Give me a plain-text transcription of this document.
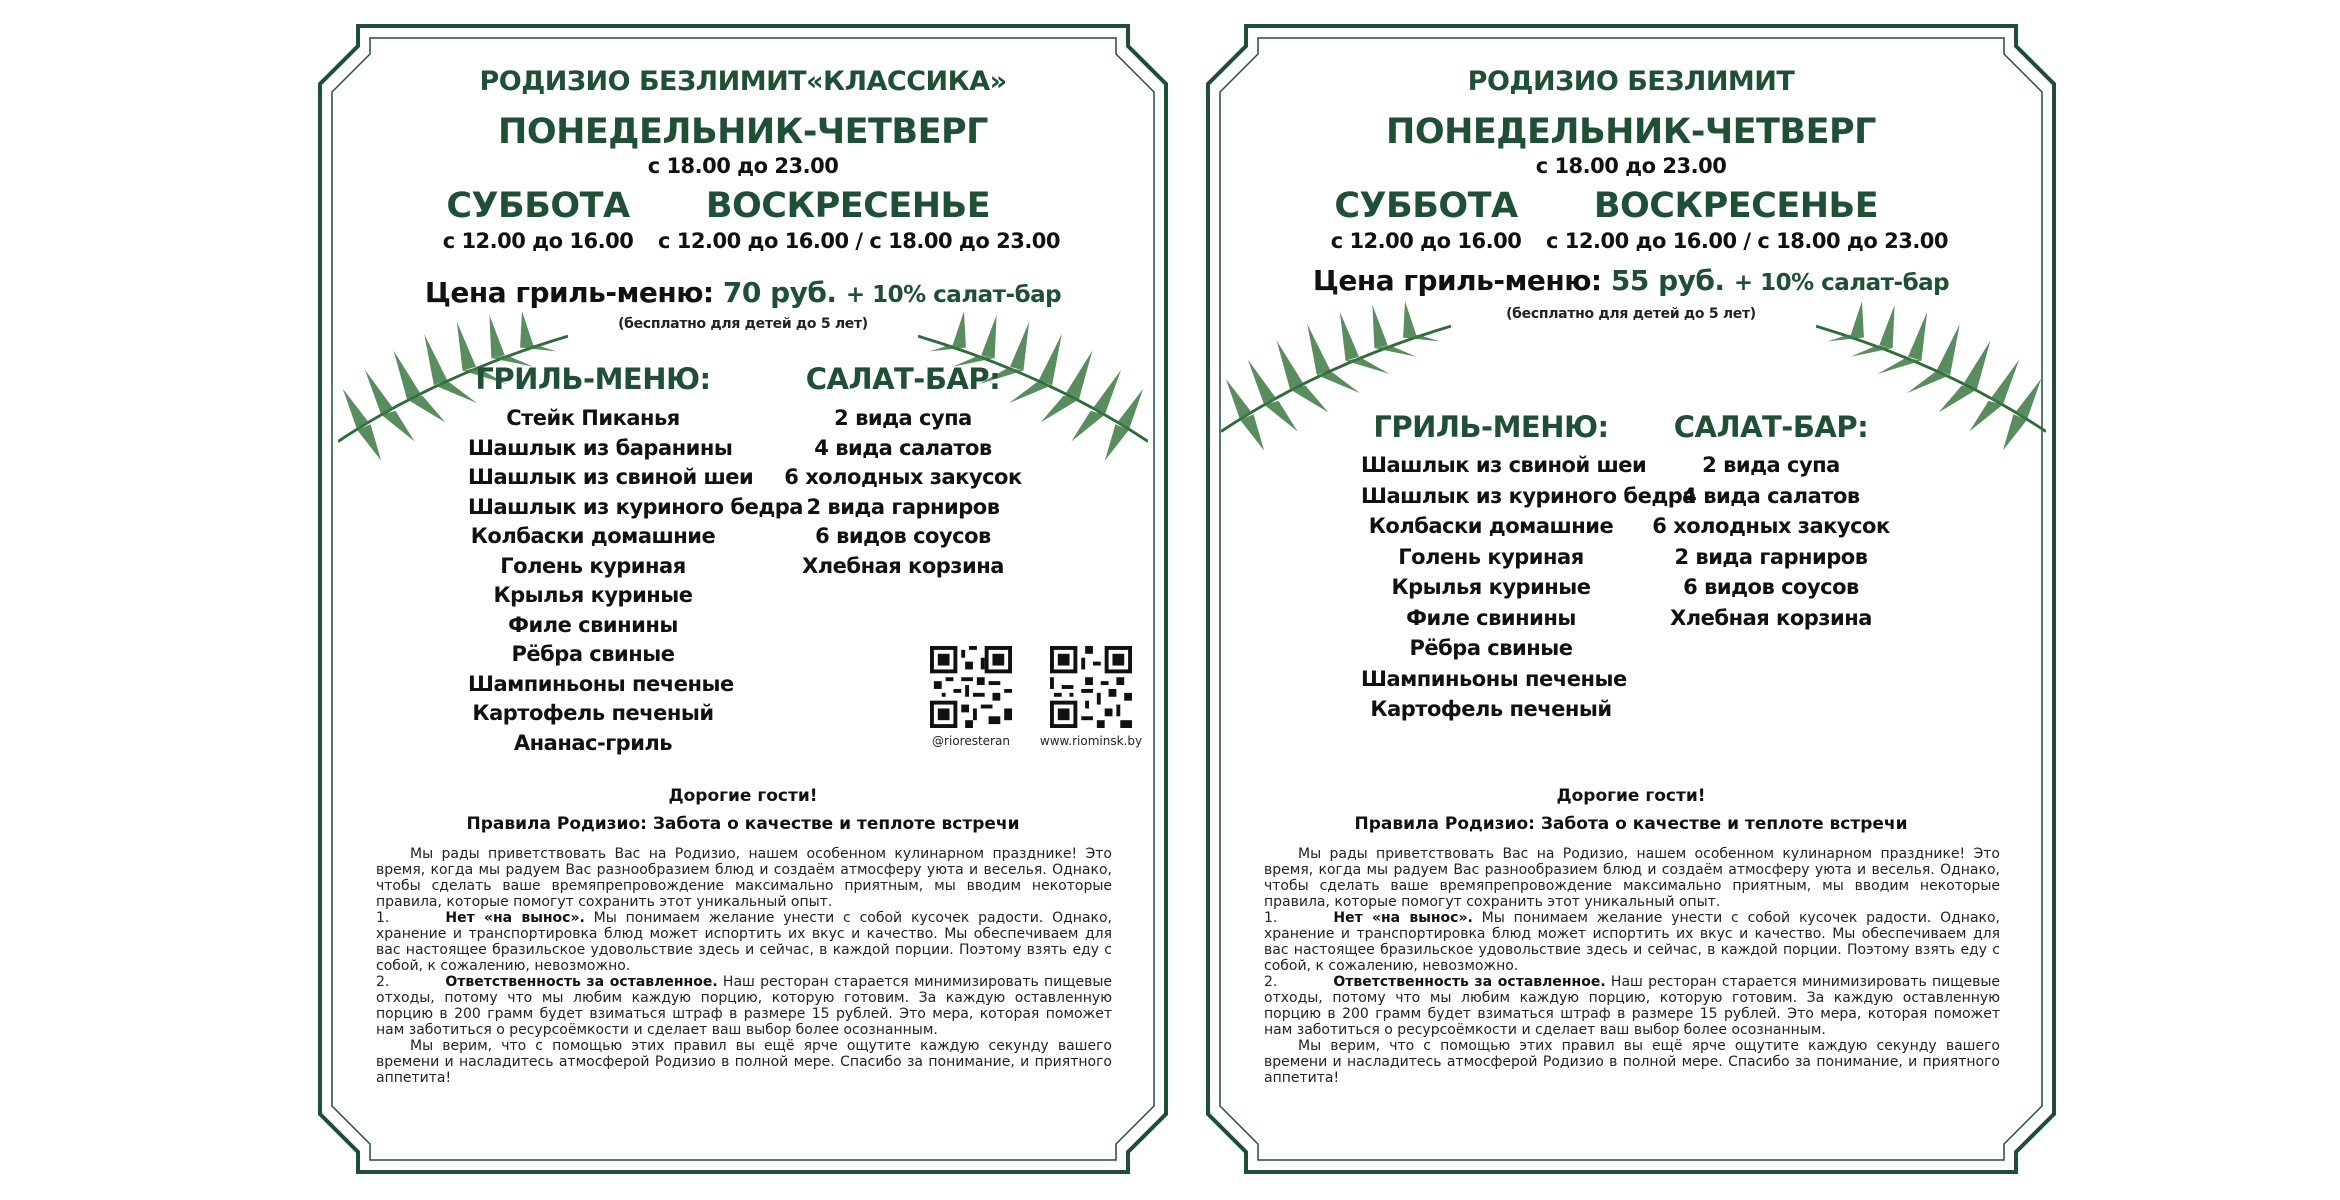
РОДИЗИО БЕЗЛИМИТ«КЛАССИКА»
ПОНЕДЕЛЬНИК-ЧЕТВЕРГ
с 18.00 до 23.00
СУББОТА
с 12.00 до 16.00
ВОСКРЕСЕНЬЕ
с 12.00 до 16.00 / с 18.00 до 23.00
Цена гриль-меню: 70 руб. + 10% салат-бар
(бесплатно для детей до 5 лет)
ГРИЛЬ-МЕНЮ:	САЛАТ-БАР:
Стейк Пиканья
Шашлык из баранины
Шашлык из свиной шеи
Шашлык из куриного бедра
Колбаски домашние
Голень куриная
Крылья куриные
Филе свинины
Рёбра свиные
Шампиньоны печеные
Картофель печеный
Ананас-гриль
2 вида супа
4 вида салатов
6 холодных закусок
2 вида гарниров
6 видов соусов
Хлебная корзина
@rioresteran	www.riominsk.by
Дорогие гости!
Правила Родизио: Забота о качестве и теплоте встречи

Мы рады приветствовать Вас на Родизио, нашем особенном кулинарном празднике! Это время, когда мы радуем Вас разнообразием блюд и создаём атмосферу уюта и веселья. Однако, чтобы сделать ваше времяпрепровождение максимально приятным, мы вводим некоторые правила, которые помогут сохранить этот уникальный опыт.

1.	Нет «на вынос». Мы понимаем желание унести с собой кусочек радости. Однако, хранение и транспортировка блюд может испортить их вкус и качество. Мы обеспечиваем для вас настоящее бразильское удовольствие здесь и сейчас, в каждой порции. Поэтому взять еду с собой, к сожалению, невозможно.

2.	Ответственность за оставленное. Наш ресторан старается минимизировать пищевые отходы, потому что мы любим каждую порцию, которую готовим. За каждую оставленную порцию в 200 грамм будет взиматься штраф в размере 15 рублей. Это мера, которая поможет нам заботиться о ресурсоёмкости и сделает ваш выбор более осознанным.

Мы верим, что с помощью этих правил вы ещё ярче ощутите каждую секунду вашего времени и насладитесь атмосферой Родизио в полной мере. Спасибо за понимание, и приятного аппетита!

РОДИЗИО БЕЗЛИМИТ
ПОНЕДЕЛЬНИК-ЧЕТВЕРГ
с 18.00 до 23.00
СУББОТА
с 12.00 до 16.00
ВОСКРЕСЕНЬЕ
с 12.00 до 16.00 / с 18.00 до 23.00
Цена гриль-меню: 55 руб. + 10% салат-бар
(бесплатно для детей до 5 лет)
ГРИЛЬ-МЕНЮ:	САЛАТ-БАР:
Шашлык из свиной шеи
Шашлык из куриного бедра
Колбаски домашние
Голень куриная
Крылья куриные
Филе свинины
Рёбра свиные
Шампиньоны печеные
Картофель печеный
2 вида супа
4 вида салатов
6 холодных закусок
2 вида гарниров
6 видов соусов
Хлебная корзина
Дорогие гости!
Правила Родизио: Забота о качестве и теплоте встречи

Мы рады приветствовать Вас на Родизио, нашем особенном кулинарном празднике! Это время, когда мы радуем Вас разнообразием блюд и создаём атмосферу уюта и веселья. Однако, чтобы сделать ваше времяпрепровождение максимально приятным, мы вводим некоторые правила, которые помогут сохранить этот уникальный опыт.

1.	Нет «на вынос». Мы понимаем желание унести с собой кусочек радости. Однако, хранение и транспортировка блюд может испортить их вкус и качество. Мы обеспечиваем для вас настоящее бразильское удовольствие здесь и сейчас, в каждой порции. Поэтому взять еду с собой, к сожалению, невозможно.

2.	Ответственность за оставленное. Наш ресторан старается минимизировать пищевые отходы, потому что мы любим каждую порцию, которую готовим. За каждую оставленную порцию в 200 грамм будет взиматься штраф в размере 15 рублей. Это мера, которая поможет нам заботиться о ресурсоёмкости и сделает ваш выбор более осознанным.

Мы верим, что с помощью этих правил вы ещё ярче ощутите каждую секунду вашего времени и насладитесь атмосферой Родизио в полной мере. Спасибо за понимание, и приятного аппетита!
